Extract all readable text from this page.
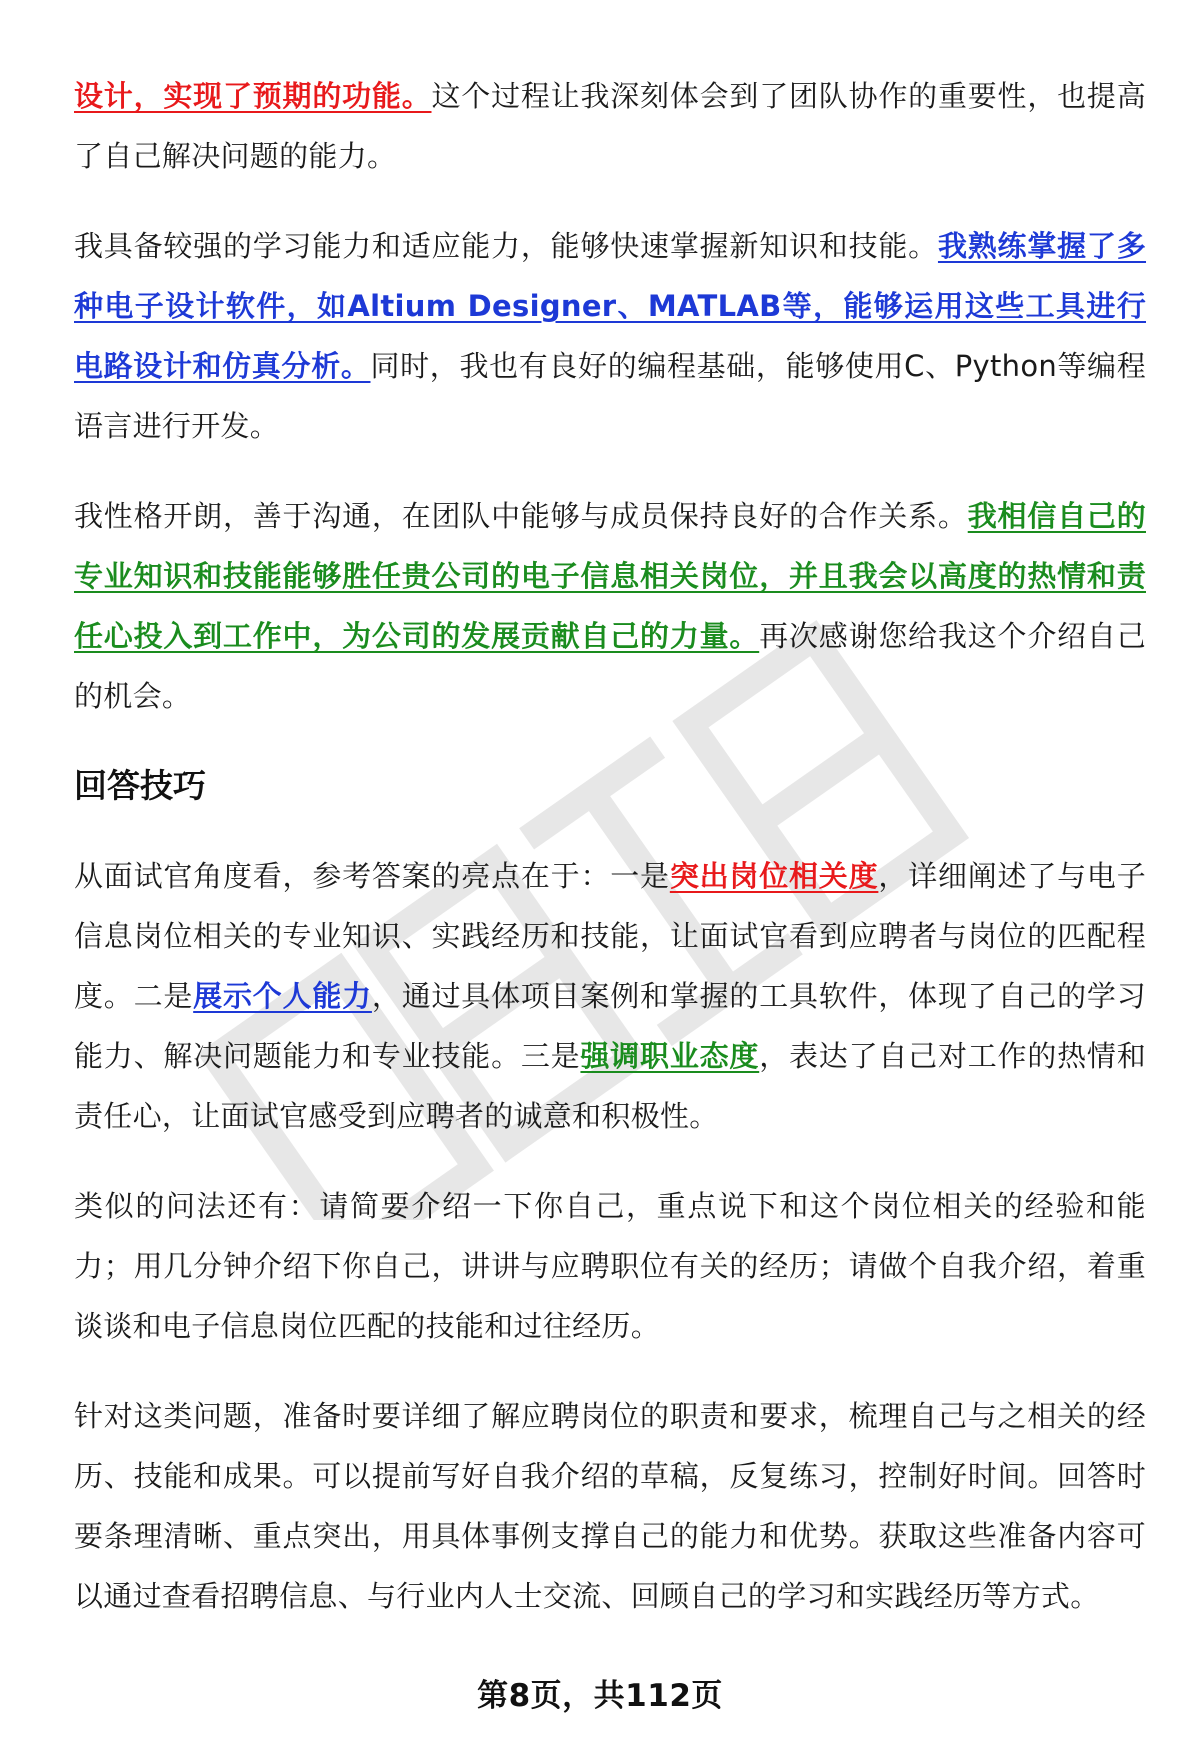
设计，实现了预期的功能。这个过程让我深刻体会到了团队协作的重要性，也提高了自己解决问题的能力。

我具备较强的学习能力和适应能力，能够快速掌握新知识和技能。我熟练掌握了多种电子设计软件，如Altium Designer、MATLAB等，能够运用这些工具进行电路设计和仿真分析。同时，我也有良好的编程基础，能够使用C、Python等编程语言进行开发。

我性格开朗，善于沟通，在团队中能够与成员保持良好的合作关系。我相信自己的专业知识和技能能够胜任贵公司的电子信息相关岗位，并且我会以高度的热情和责任心投入到工作中，为公司的发展贡献自己的力量。再次感谢您给我这个介绍自己的机会。

回答技巧

从面试官角度看，参考答案的亮点在于：一是突出岗位相关度，详细阐述了与电子信息岗位相关的专业知识、实践经历和技能，让面试官看到应聘者与岗位的匹配程度。二是展示个人能力，通过具体项目案例和掌握的工具软件，体现了自己的学习能力、解决问题能力和专业技能。三是强调职业态度，表达了自己对工作的热情和责任心，让面试官感受到应聘者的诚意和积极性。

类似的问法还有：请简要介绍一下你自己，重点说下和这个岗位相关的经验和能力；用几分钟介绍下你自己，讲讲与应聘职位有关的经历；请做个自我介绍，着重谈谈和电子信息岗位匹配的技能和过往经历。

针对这类问题，准备时要详细了解应聘岗位的职责和要求，梳理自己与之相关的经历、技能和成果。可以提前写好自我介绍的草稿，反复练习，控制好时间。回答时要条理清晰、重点突出，用具体事例支撑自己的能力和优势。获取这些准备内容可以通过查看招聘信息、与行业内人士交流、回顾自己的学习和实践经历等方式。

第8页，共112页
